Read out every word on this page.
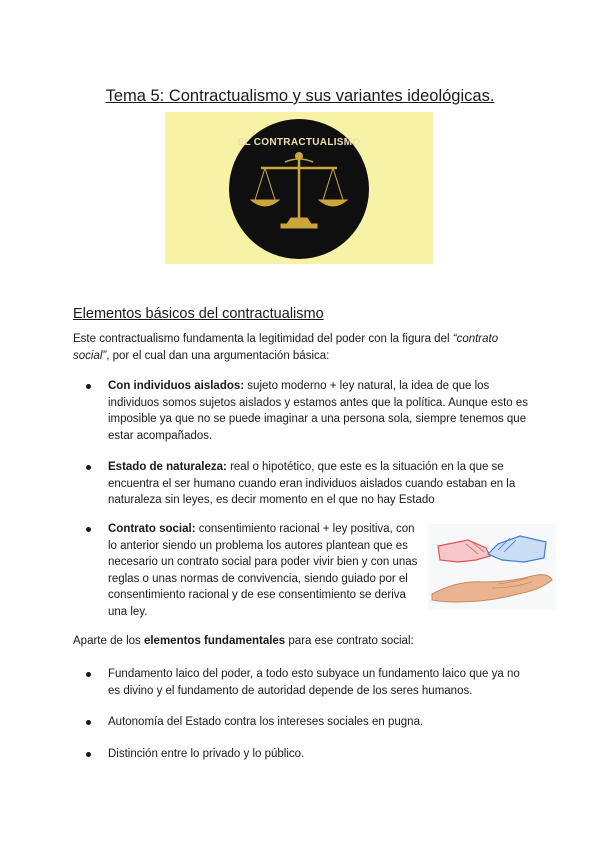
Tema 5: Contractualismo y sus variantes ideológicas.
EL CONTRACTUALISMO
Elementos básicos del contractualismo

Este contractualismo fundamenta la legitimidad del poder con la figura del “contrato social”, por el cual dan una argumentación básica:

Con individuos aislados: sujeto moderno + ley natural, la idea de que los individuos somos sujetos aislados y estamos antes que la política. Aunque esto es imposible ya que no se puede imaginar a una persona sola, siempre tenemos que estar acompañados.
Estado de naturaleza: real o hipotético, que este es la situación en la que se encuentra el ser humano cuando eran individuos aislados cuando estaban en la naturaleza sin leyes, es decir momento en el que no hay Estado
Contrato social: consentimiento racional + ley positiva, con lo anterior siendo un problema los autores plantean que es necesario un contrato social para poder vivir bien y con unas reglas o unas normas de convivencia, siendo guiado por el consentimiento racional y de ese consentimiento se deriva una ley.

Aparte de los elementos fundamentales para ese contrato social:

Fundamento laico del poder, a todo esto subyace un fundamento laico que ya no es divino y el fundamento de autoridad depende de los seres humanos.
Autonomía del Estado contra los intereses sociales en pugna.
Distinción entre lo privado y lo público.
